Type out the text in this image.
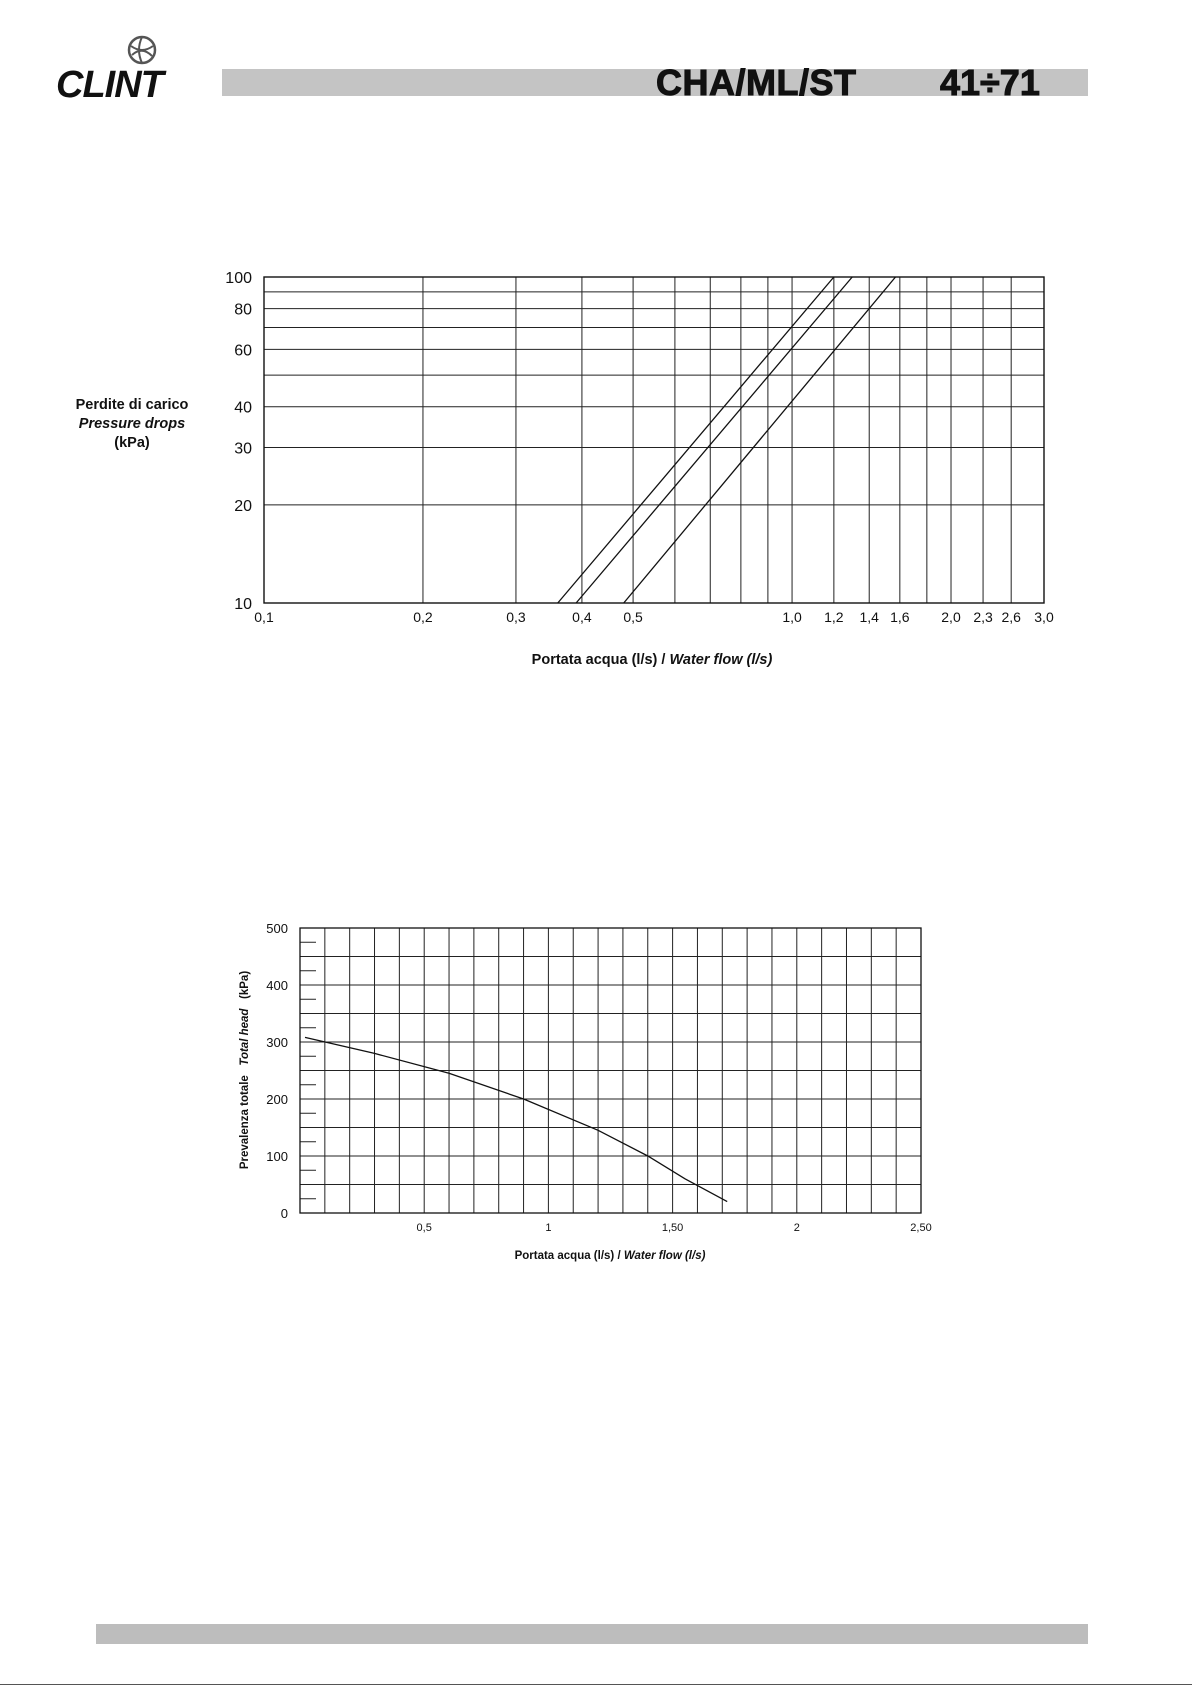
CLINT	CHA/ML/ST 41÷71
10
20
30
40
60
80
100
0,1	0,2	0,3	0,4 0,5	1,0 1,2 1,4 1,6 2,0 2,3 2,6 3,0
Perdite di carico
Pressure drops
(kPa)
Portata acqua (l/s) / Water flow (l/s)
0
100
200
300
400
500
0,5	1	1,50	2	2,50
Prevalenza totale   Total head   (kPa)
Portata acqua (l/s) / Water flow (l/s)
